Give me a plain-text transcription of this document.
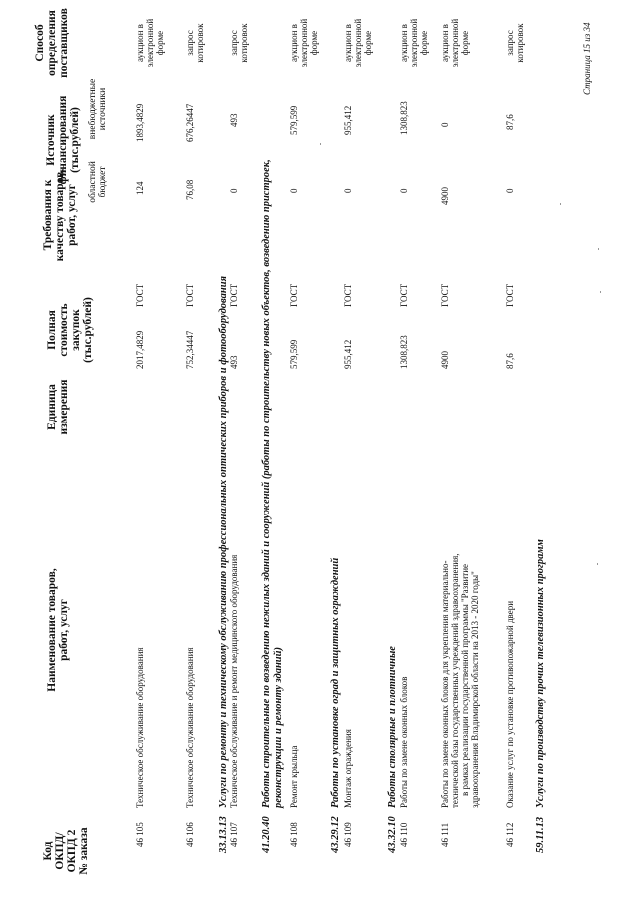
Код ОКПД/ ОКПД 2 № заказа
Наименование товаров, работ, услуг
Единица измерения
Полная стоимость закупок (тыс.рублей)
Требования к качеству товаров, работ, услуг
Источник финансирования (тыс.рублей)
областной бюджет
внебюджетные источники
Способ определения поставщиков
46 105
Техническое обслуживание оборудования
2017,4829
ГОСТ
124
1893,4829
аукцион в электронной форме
46 106
Техническое обслуживание оборудования
752,34447
ГОСТ
76,08
676,26447
запрос котировок
33.13.13
Услуги по ремонту и техническому обслуживанию профессиональных оптических приборов и фотооборудования
46 107
Техническое обслуживание и ремонт медицинского оборудования
493
ГОСТ
0
493
запрос котировок
41.20.40
Работы строительные по возведению нежилых зданий и сооружений (работы по строительству новых объектов, возведению пристроек, реконструкции и ремонту зданий)
46 108
Ремонт крыльца
579,599
ГОСТ
0
579,599
аукцион в электронной форме
43.29.12
Работы по установке оград и защитных ограждений
46 109
Монтаж ограждения
955,412
ГОСТ
0
955,412
аукцион в электронной форме
43.32.10
Работы столярные и плотничные
46 110
Работы по замене оконных блоков
1308,823
ГОСТ
0
1308,823
аукцион в электронной форме
46 111
Работы по замене оконных блоков для укрепления материально- технической базы государственных учреждений здравоохранения, в рамках реализации государственной программы "Развитие здравоохранения Владимирской области на 2013 - 2020 годы"
4900
ГОСТ
4900
0
аукцион в электронной форме
46 112
Оказание услуг по установке противопожарной двери
87,6
ГОСТ
0
87,6
запрос котировок
59.11.13
Услуги по производству прочих телевизионных программ
Страница 15 из 34
